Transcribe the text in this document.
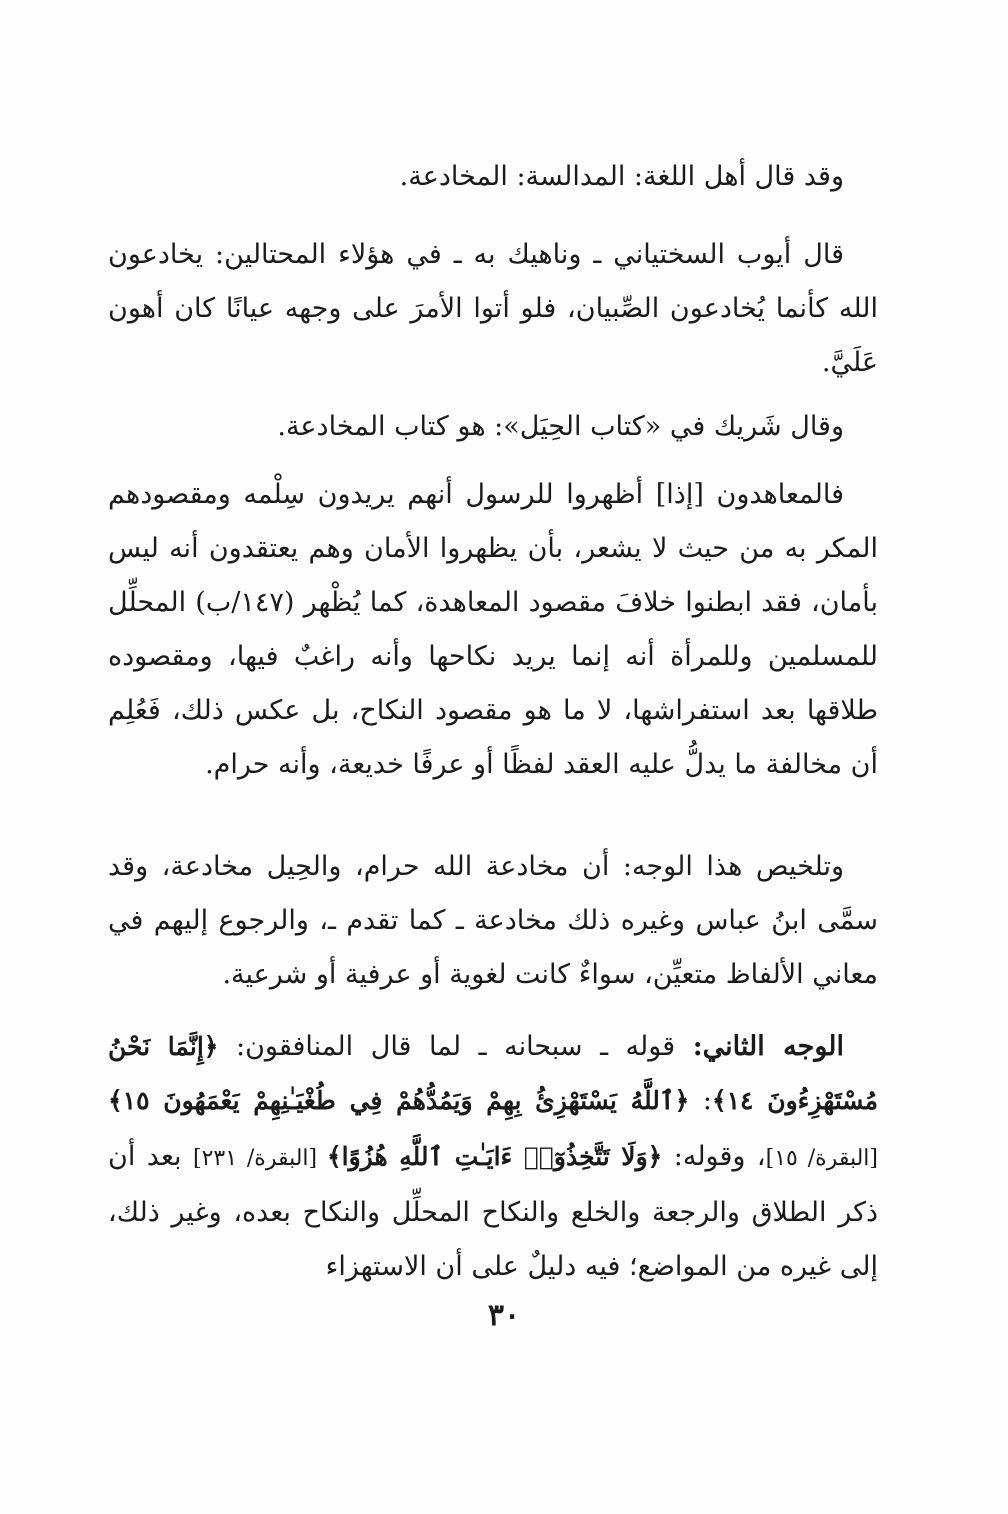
وقد قال أهل اللغة: المدالسة: المخادعة.

قال أيوب السختياني ـ وناهيك به ـ في هؤلاء المحتالين: يخادعون الله كأنما يُخادعون الصِّبيان، فلو أتوا الأمرَ على وجهه عيانًا كان أهون عَلَيَّ.

وقال شَريك في «كتاب الحِيَل»: هو كتاب المخادعة.

فالمعاهدون [إذا] أظهروا للرسول أنهم يريدون سِلْمه ومقصودهم المكر به من حيث لا يشعر، بأن يظهروا الأمان وهم يعتقدون أنه ليس بأمان، فقد ابطنوا خلافَ مقصود المعاهدة، كما يُظْهر (١٤٧/ب) المحلِّل للمسلمين وللمرأة أنه إنما يريد نكاحها وأنه راغبٌ فيها، ومقصوده طلاقها بعد استفراشها، لا ما هو مقصود النكاح، بل عكس ذلك، فَعُلِم أن مخالفة ما يدلُّ عليه العقد لفظًا أو عرفًا خديعة، وأنه حرام.

وتلخيص هذا الوجه: أن مخادعة الله حرام، والحِيل مخادعة، وقد سمَّى ابنُ عباس وغيره ذلك مخادعة ـ كما تقدم ـ، والرجوع إليهم في معاني الألفاظ متعيِّن، سواءٌ كانت لغوية أو عرفية أو شرعية.

الوجه الثاني: قوله ـ سبحانه ـ لما قال المنافقون: ﴿إِنَّمَا نَحْنُ مُسْتَهْزِءُونَ ١٤﴾: ﴿ٱللَّهُ يَسْتَهْزِئُ بِهِمْ وَيَمُدُّهُمْ فِي طُغْيَـٰنِهِمْ يَعْمَهُونَ ١٥﴾ [البقرة/ ١٥]، وقوله: ﴿وَلَا تَتَّخِذُوٓا۟ ءَايَـٰتِ ٱللَّهِ هُزُوًا﴾ [البقرة/ ٢٣١] بعد أن ذكر الطلاق والرجعة والخلع والنكاح المحلِّل والنكاح بعده، وغير ذلك، إلى غيره من المواضع؛ فيه دليلٌ على أن الاستهزاء

٣٠
